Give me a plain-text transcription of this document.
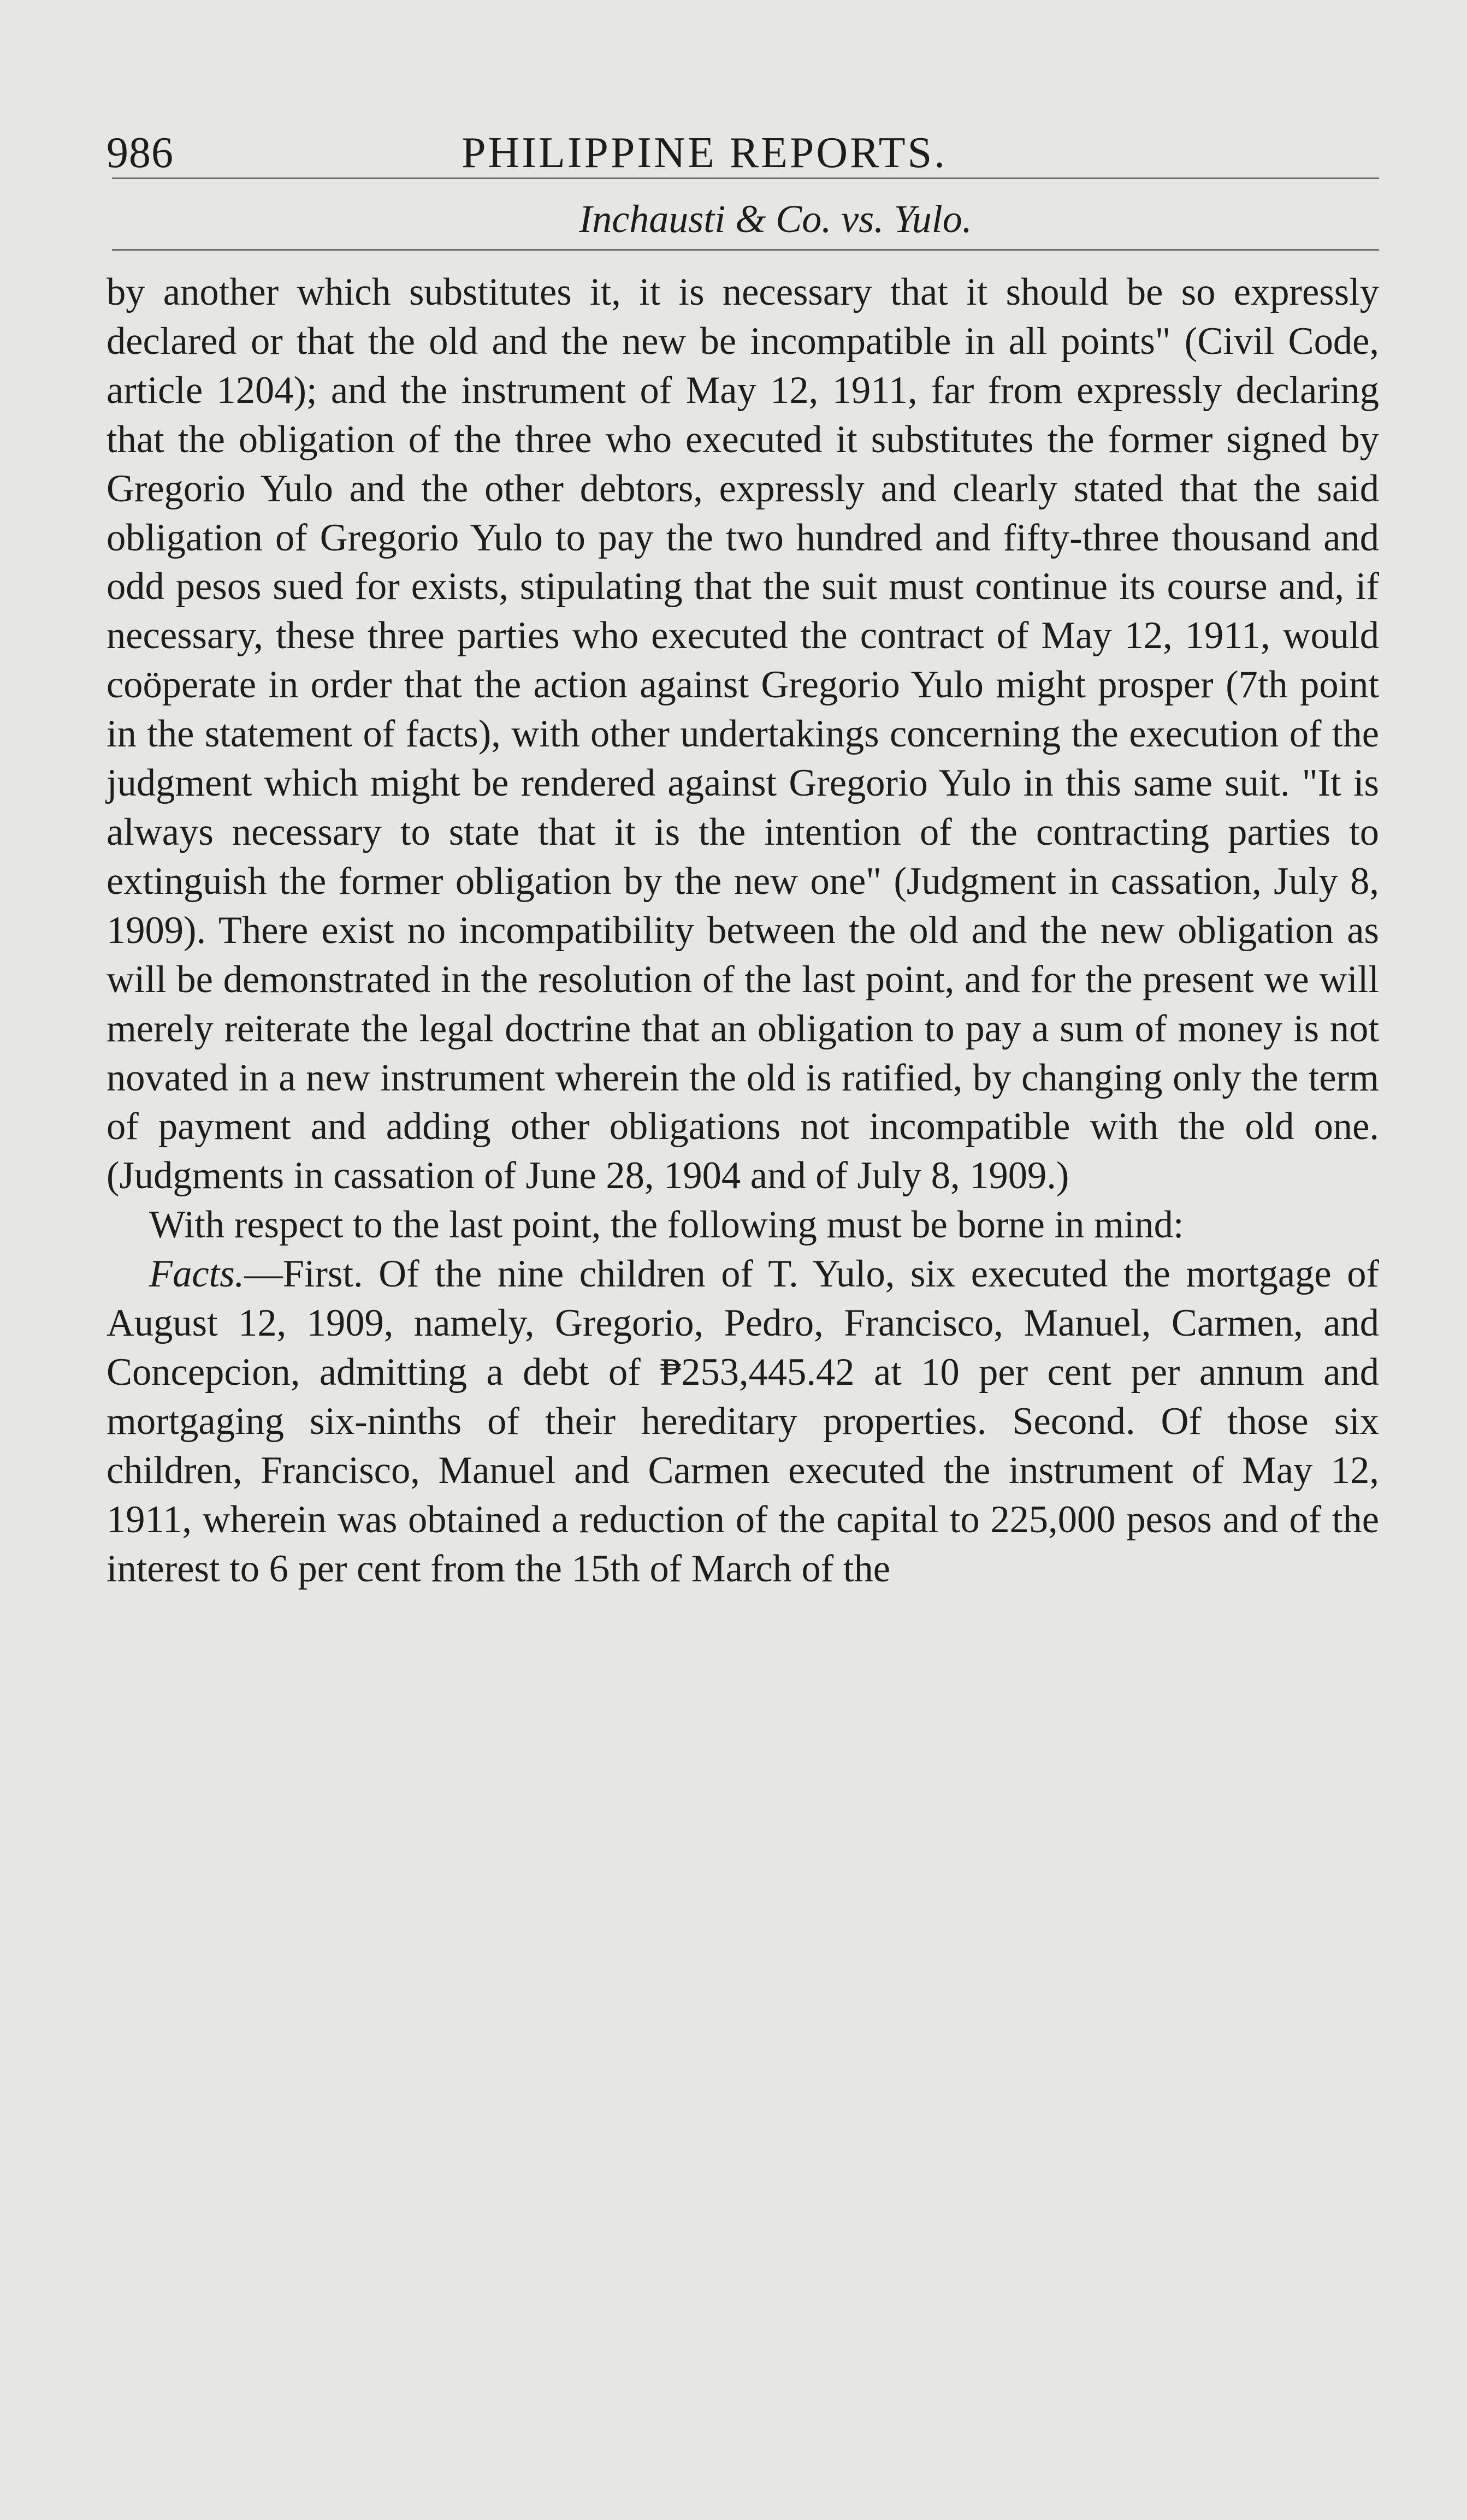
986	PHILIPPINE REPORTS.
Inchausti & Co. vs. Yulo.

by another which substitutes it, it is necessary that it should be so expressly declared or that the old and the new be incompatible in all points" (Civil Code, article 1204); and the instrument of May 12, 1911, far from expressly declaring that the obligation of the three who executed it substitutes the former signed by Gregorio Yulo and the other debtors, expressly and clearly stated that the said obligation of Gregorio Yulo to pay the two hundred and fifty-three thousand and odd pesos sued for exists, stipulating that the suit must continue its course and, if necessary, these three parties who executed the contract of May 12, 1911, would coöperate in order that the action against Gregorio Yulo might prosper (7th point in the statement of facts), with other undertakings concerning the execution of the judgment which might be rendered against Gregorio Yulo in this same suit. "It is always necessary to state that it is the intention of the contracting parties to extinguish the former obligation by the new one" (Judgment in cassation, July 8, 1909). There exist no incompatibility between the old and the new obligation as will be demonstrated in the resolution of the last point, and for the present we will merely reiterate the legal doctrine that an obligation to pay a sum of money is not novated in a new instrument wherein the old is ratified, by changing only the term of payment and adding other obligations not incompatible with the old one. (Judgments in cassation of June 28, 1904 and of July 8, 1909.)

With respect to the last point, the following must be borne in mind:

Facts.—First. Of the nine children of T. Yulo, six executed the mortgage of August 12, 1909, namely, Gregorio, Pedro, Francisco, Manuel, Carmen, and Concepcion, admitting a debt of ₱253,445.42 at 10 per cent per annum and mortgaging six-ninths of their hereditary properties. Second. Of those six children, Francisco, Manuel and Carmen executed the instrument of May 12, 1911, wherein was obtained a reduction of the capital to 225,000 pesos and of the interest to 6 per cent from the 15th of March of the
